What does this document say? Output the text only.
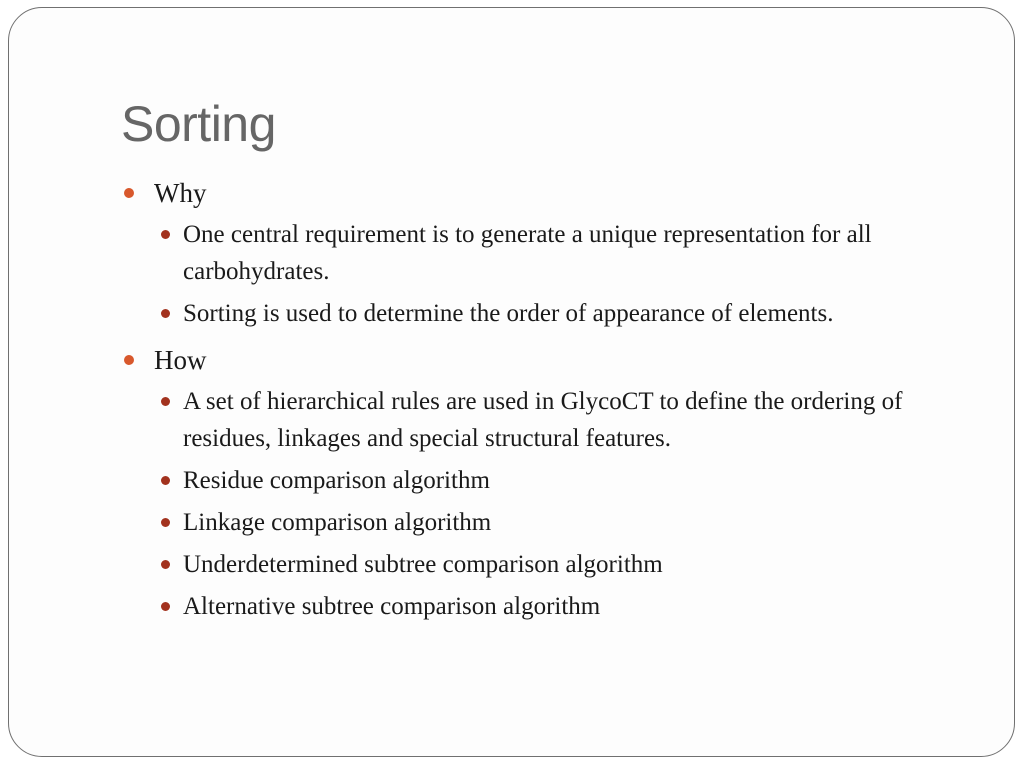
Sorting
Why
One central requirement is to generate a unique representation for all carbohydrates.
Sorting is used to determine the order of appearance of elements.
How
A set of hierarchical rules are used in GlycoCT to define the ordering of residues, linkages and special structural features.
Residue comparison algorithm
Linkage comparison algorithm
Underdetermined subtree comparison algorithm
Alternative subtree comparison algorithm
